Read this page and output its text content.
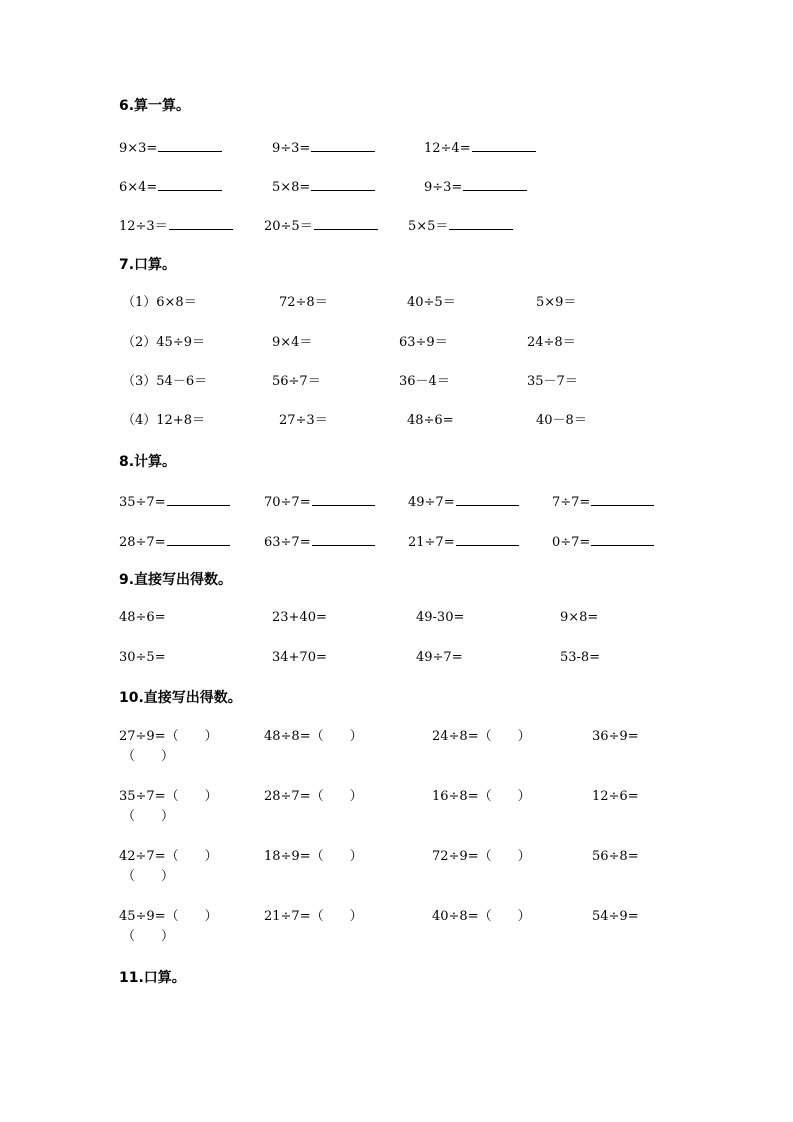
6.算一算。
9×3=	9÷3=	12÷4=
6×4=	5×8=	9÷3=
12÷3＝	20÷5＝	5×5＝
7.口算。
（1）6×8＝	72÷8＝	40÷5＝	5×9＝
（2）45÷9＝	9×4＝	63÷9＝	24÷8＝
（3）54－6＝	56÷7＝	36－4＝	35－7＝
（4）12+8＝	27÷3＝	48÷6=	40－8＝
8.计算。
35÷7=	70÷7=	49÷7=	7÷7=
28÷7=	63÷7=	21÷7=	0÷7=
9.直接写出得数。
48÷6=	23+40=	49-30=	9×8=
30÷5=	34+70=	49÷7=	53-8=
10.直接写出得数。
27÷9=（　　）	48÷8=（　　）	24÷8=（　　）	36÷9=
（　　）
35÷7=（　　）	28÷7=（　　）	16÷8=（　　）	12÷6=
（　　）
42÷7=（　　）	18÷9=（　　）	72÷9=（　　）	56÷8=
（　　）
45÷9=（　　）	21÷7=（　　）	40÷8=（　　）	54÷9=
（　　）
11.口算。
